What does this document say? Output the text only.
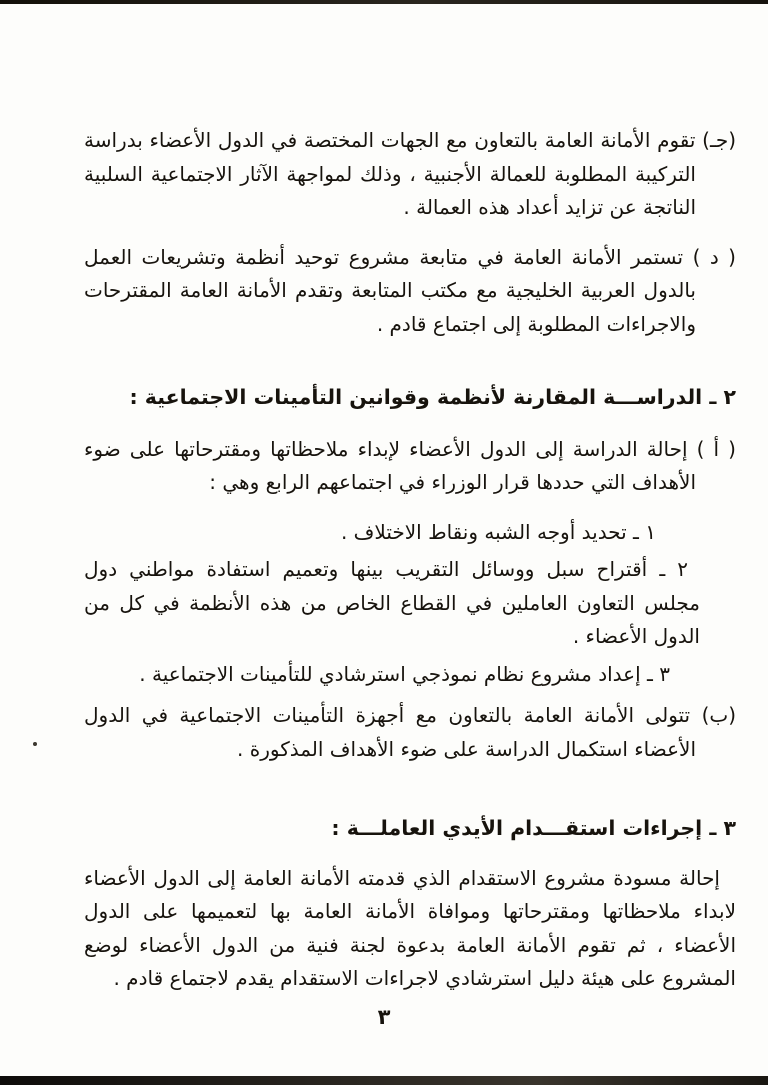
(جـ) تقوم الأمانة العامة بالتعاون مع الجهات المختصة في الدول الأعضاء بدراسة التركيبة المطلوبة للعمالة الأجنبية ، وذلك لمواجهة الآثار الاجتماعية السلبية الناتجة عن تزايد أعداد هذه العمالة .
( د ) تستمر الأمانة العامة في متابعة مشروع توحيد أنظمة وتشريعات العمل بالدول العربية الخليجية مع مكتب المتابعة وتقدم الأمانة العامة المقترحات والاجراءات المطلوبة إلى اجتماع قادم .
٢ ـ الدراســـة المقارنة لأنظمة وقوانين التأمينات الاجتماعية :
( أ ) إحالة الدراسة إلى الدول الأعضاء لإبداء ملاحظاتها ومقترحاتها على ضوء الأهداف التي حددها قرار الوزراء في اجتماعهم الرابع وهي :
١ ـ تحديد أوجه الشبه ونقاط الاختلاف .
٢ ـ أقتراح سبل ووسائل التقريب بينها وتعميم استفادة مواطني دول مجلس التعاون العاملين في القطاع الخاص من هذه الأنظمة في كل من الدول الأعضاء .
٣ ـ إعداد مشروع نظام نموذجي استرشادي للتأمينات الاجتماعية .
(ب) تتولى الأمانة العامة بالتعاون مع أجهزة التأمينات الاجتماعية في الدول الأعضاء استكمال الدراسة على ضوء الأهداف المذكورة .
٣ ـ إجراءات استقـــدام الأيدي العاملـــة :
إحالة مسودة مشروع الاستقدام الذي قدمته الأمانة العامة إلى الدول الأعضاء لابداء ملاحظاتها ومقترحاتها وموافاة الأمانة العامة بها لتعميمها على الدول الأعضاء ، ثم تقوم الأمانة العامة بدعوة لجنة فنية من الدول الأعضاء لوضع المشروع على هيئة دليل استرشادي لاجراءات الاستقدام يقدم لاجتماع قادم .
٣
